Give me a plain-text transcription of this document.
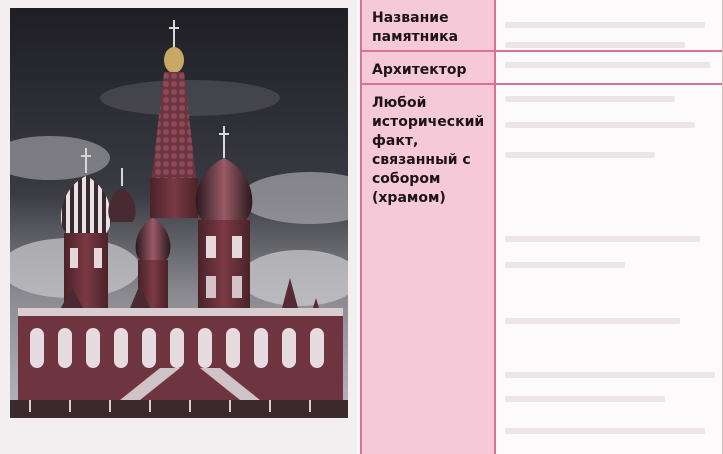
Название памятника
Архитектор
Любой исторический факт, связанный с собором (храмом)
